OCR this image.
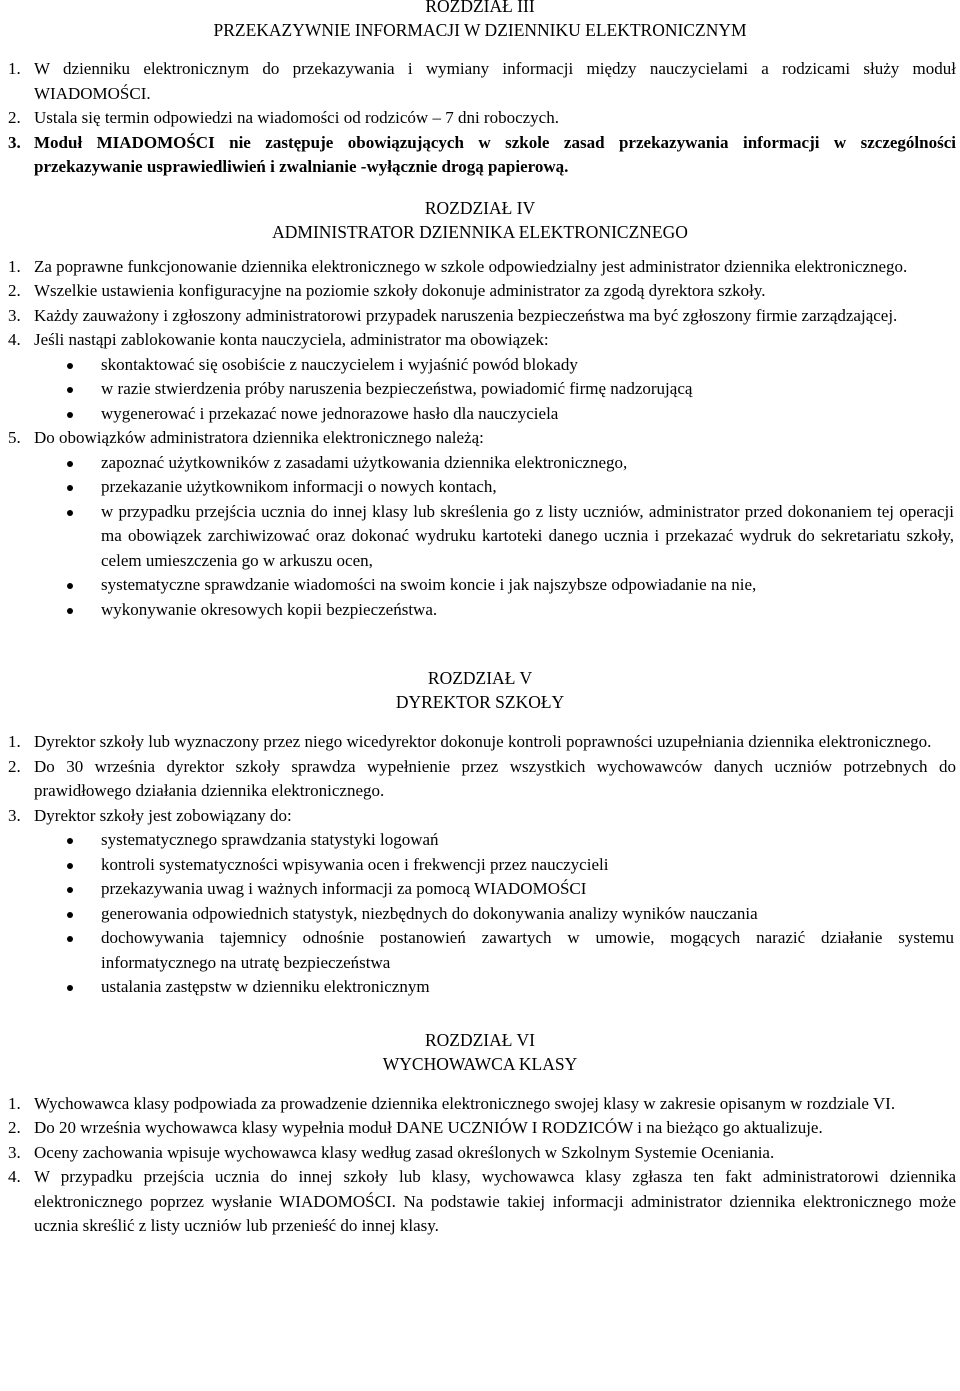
ROZDZIAŁ III

PRZEKAZYWNIE INFORMACJI W DZIENNIKU ELEKTRONICZNYM

1. W dzienniku elektronicznym do przekazywania i wymiany informacji między nauczycielami a rodzicami służy moduł WIADOMOŚCI.

2. Ustala się termin odpowiedzi na wiadomości od rodziców – 7 dni roboczych.

3. Moduł MIADOMOŚCI nie zastępuje obowiązujących w szkole zasad przekazywania informacji w szczególności przekazywanie usprawiedliwień i zwalnianie -wyłącznie drogą papierową.

ROZDZIAŁ IV

ADMINISTRATOR DZIENNIKA ELEKTRONICZNEGO

1. Za poprawne funkcjonowanie dziennika elektronicznego w szkole odpowiedzialny jest administrator dziennika elektronicznego.

2. Wszelkie ustawienia konfiguracyjne na poziomie szkoły dokonuje administrator za zgodą dyrektora szkoły.

3. Każdy zauważony i zgłoszony administratorowi przypadek naruszenia bezpieczeństwa ma być zgłoszony firmie zarządzającej.

4. Jeśli nastąpi zablokowanie konta nauczyciela, administrator ma obowiązek:

skontaktować się osobiście z nauczycielem i wyjaśnić powód blokady
w razie stwierdzenia próby naruszenia bezpieczeństwa, powiadomić firmę nadzorującą
wygenerować i przekazać nowe jednorazowe hasło dla nauczyciela

5. Do obowiązków administratora dziennika elektronicznego należą:

zapoznać użytkowników z zasadami użytkowania dziennika elektronicznego,
przekazanie użytkownikom informacji o nowych kontach,
w przypadku przejścia ucznia do innej klasy lub skreślenia go z listy uczniów, administrator przed dokonaniem tej operacji ma obowiązek zarchiwizować oraz dokonać wydruku kartoteki danego ucznia i przekazać wydruk do sekretariatu szkoły, celem umieszczenia go w arkuszu ocen,
systematyczne sprawdzanie wiadomości na swoim koncie i jak najszybsze odpowiadanie na nie,
wykonywanie okresowych kopii bezpieczeństwa.

ROZDZIAŁ V

DYREKTOR SZKOŁY

1. Dyrektor szkoły lub wyznaczony przez niego wicedyrektor dokonuje kontroli poprawności uzupełniania dziennika elektronicznego.

2. Do 30 września dyrektor szkoły sprawdza wypełnienie przez wszystkich wychowawców danych uczniów potrzebnych do prawidłowego działania dziennika elektronicznego.

3. Dyrektor szkoły jest zobowiązany do:

systematycznego sprawdzania statystyki logowań
kontroli systematyczności wpisywania ocen i frekwencji przez nauczycieli
przekazywania uwag i ważnych informacji za pomocą WIADOMOŚCI
generowania odpowiednich statystyk, niezbędnych do dokonywania analizy wyników nauczania
dochowywania tajemnicy odnośnie postanowień zawartych w umowie, mogących narazić działanie systemu informatycznego na utratę bezpieczeństwa
ustalania zastępstw w dzienniku elektronicznym

ROZDZIAŁ VI

WYCHOWAWCA KLASY

1. Wychowawca klasy podpowiada za prowadzenie dziennika elektronicznego swojej klasy w zakresie opisanym w rozdziale VI.

2. Do 20 września wychowawca klasy wypełnia moduł DANE UCZNIÓW I RODZICÓW i na bieżąco go aktualizuje.

3. Oceny zachowania wpisuje wychowawca klasy według zasad określonych w Szkolnym Systemie Oceniania.

4. W przypadku przejścia ucznia do innej szkoły lub klasy, wychowawca klasy zgłasza ten fakt administratorowi dziennika elektronicznego poprzez wysłanie WIADOMOŚCI. Na podstawie takiej informacji administrator dziennika elektronicznego może ucznia skreślić z listy uczniów lub przenieść do innej klasy.
